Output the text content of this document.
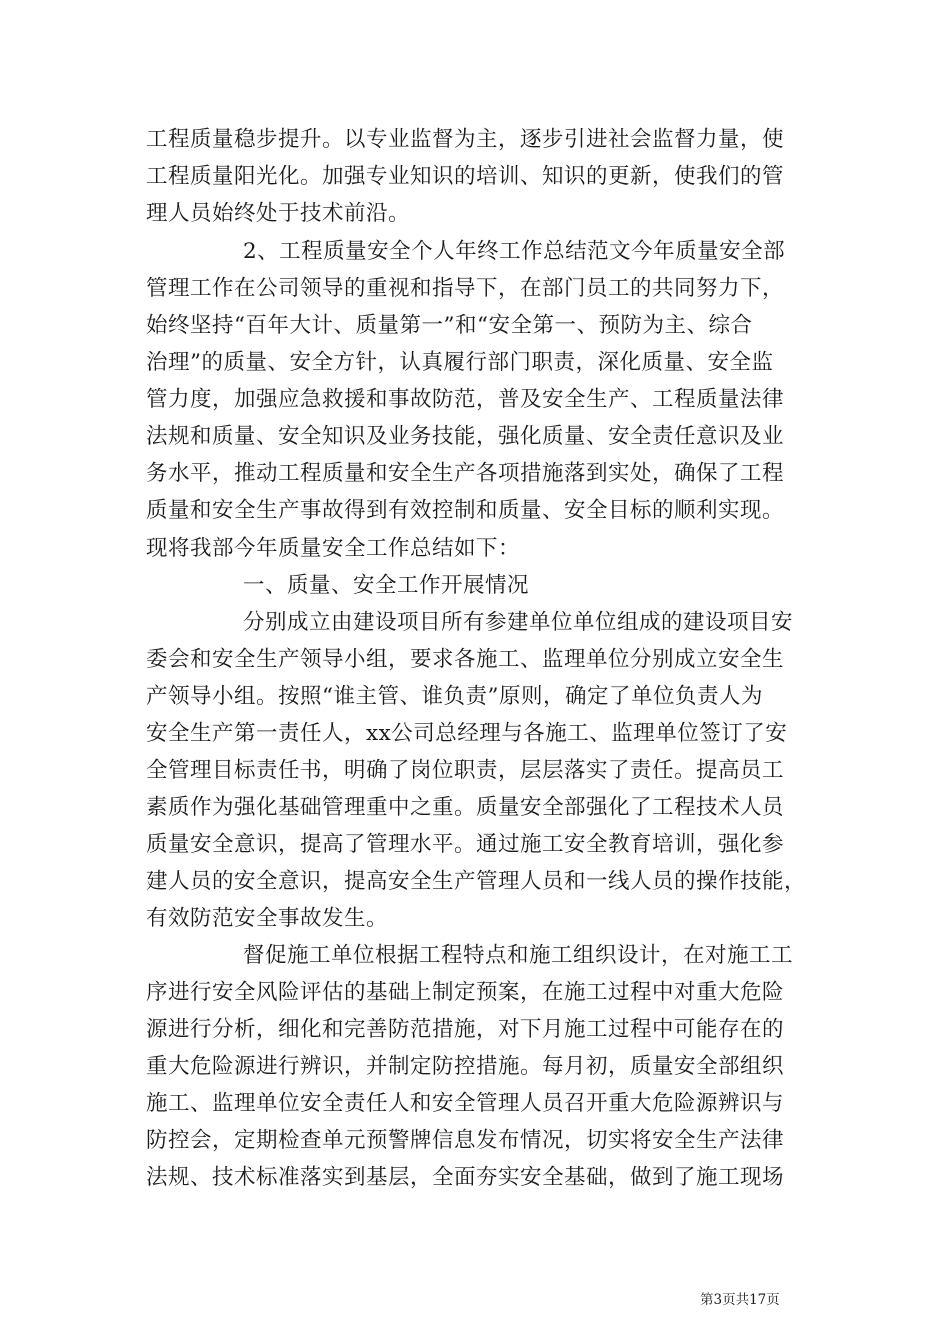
工程质量稳步提升。以专业监督为主，逐步引进社会监督力量，使
工程质量阳光化。加强专业知识的培训、知识的更新，使我们的管
理人员始终处于技术前沿。
2、工程质量安全个人年终工作总结范文今年质量安全部
管理工作在公司领导的重视和指导下，在部门员工的共同努力下，
始终坚持“百年大计、质量第一”和“安全第一、预防为主、综合
治理”的质量、安全方针，认真履行部门职责，深化质量、安全监
管力度，加强应急救援和事故防范，普及安全生产、工程质量法律
法规和质量、安全知识及业务技能，强化质量、安全责任意识及业
务水平，推动工程质量和安全生产各项措施落到实处，确保了工程
质量和安全生产事故得到有效控制和质量、安全目标的顺利实现。
现将我部今年质量安全工作总结如下：
一、质量、安全工作开展情况
分别成立由建设项目所有参建单位单位组成的建设项目安
委会和安全生产领导小组，要求各施工、监理单位分别成立安全生
产领导小组。按照“谁主管、谁负责”原则，确定了单位负责人为
安全生产第一责任人，xx公司总经理与各施工、监理单位签订了安
全管理目标责任书，明确了岗位职责，层层落实了责任。提高员工
素质作为强化基础管理重中之重。质量安全部强化了工程技术人员
质量安全意识，提高了管理水平。通过施工安全教育培训，强化参
建人员的安全意识，提高安全生产管理人员和一线人员的操作技能，
有效防范安全事故发生。
督促施工单位根据工程特点和施工组织设计，在对施工工
序进行安全风险评估的基础上制定预案，在施工过程中对重大危险
源进行分析，细化和完善防范措施，对下月施工过程中可能存在的
重大危险源进行辨识，并制定防控措施。每月初，质量安全部组织
施工、监理单位安全责任人和安全管理人员召开重大危险源辨识与
防控会，定期检查单元预警牌信息发布情况，切实将安全生产法律
法规、技术标准落实到基层，全面夯实安全基础，做到了施工现场
第3页共17页
